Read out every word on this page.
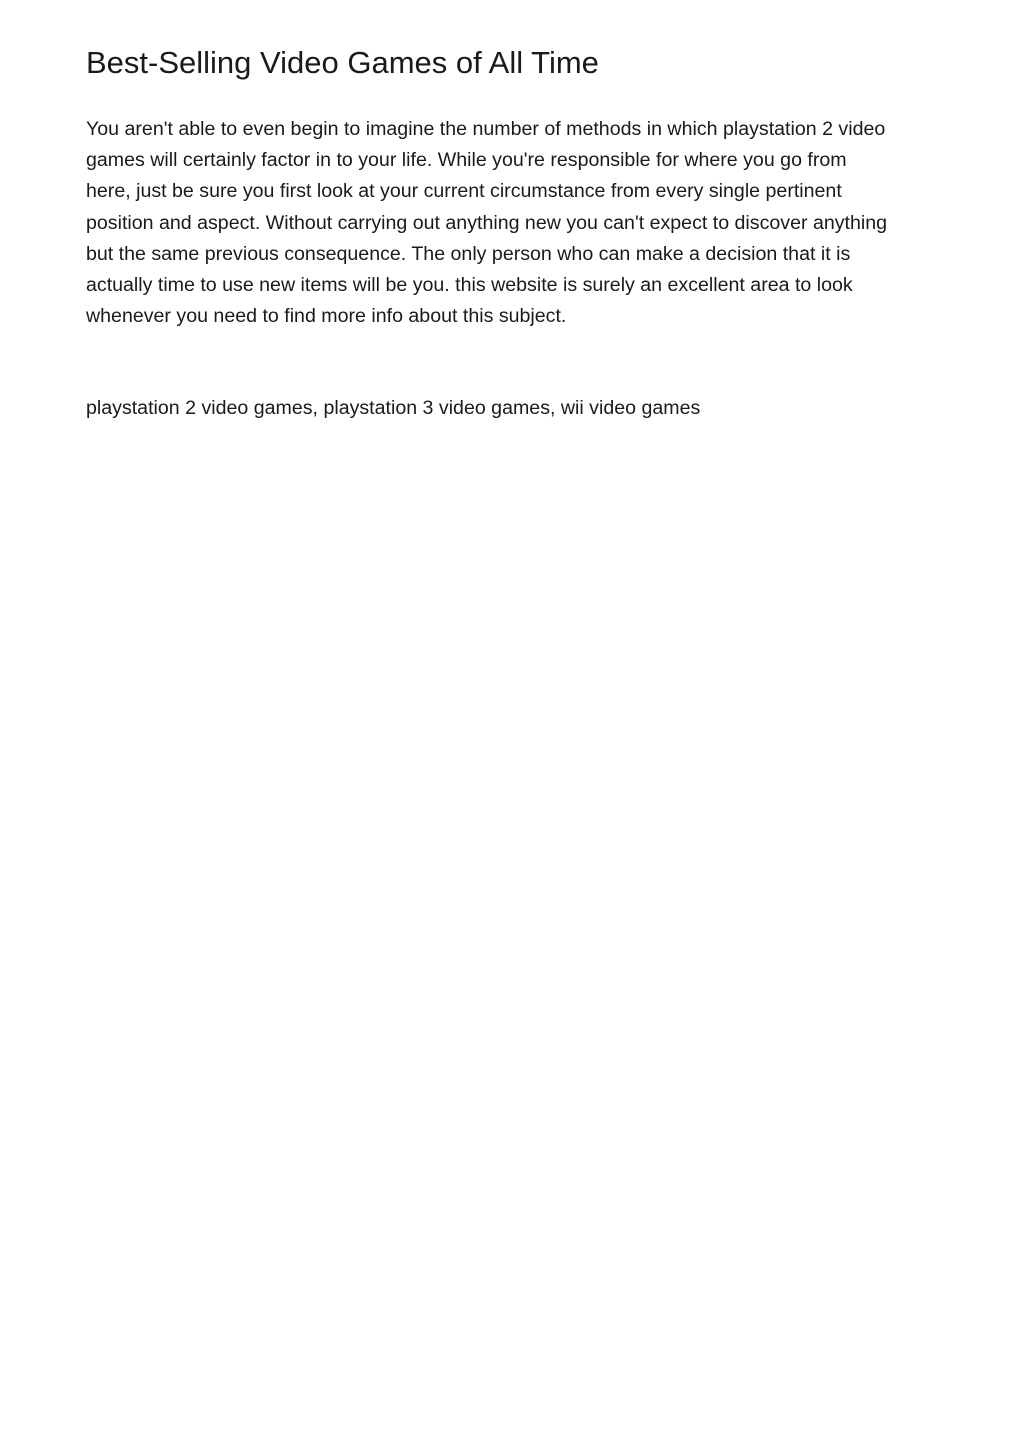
Best-Selling Video Games of All Time

You aren't able to even begin to imagine the number of methods in which playstation 2 video
games will certainly factor in to your life. While you're responsible for where you go from
here, just be sure you first look at your current circumstance from every single pertinent
position and aspect. Without carrying out anything new you can't expect to discover anything
but the same previous consequence. The only person who can make a decision that it is
actually time to use new items will be you. this website is surely an excellent area to look
whenever you need to find more info about this subject.

playstation 2 video games, playstation 3 video games, wii video games
